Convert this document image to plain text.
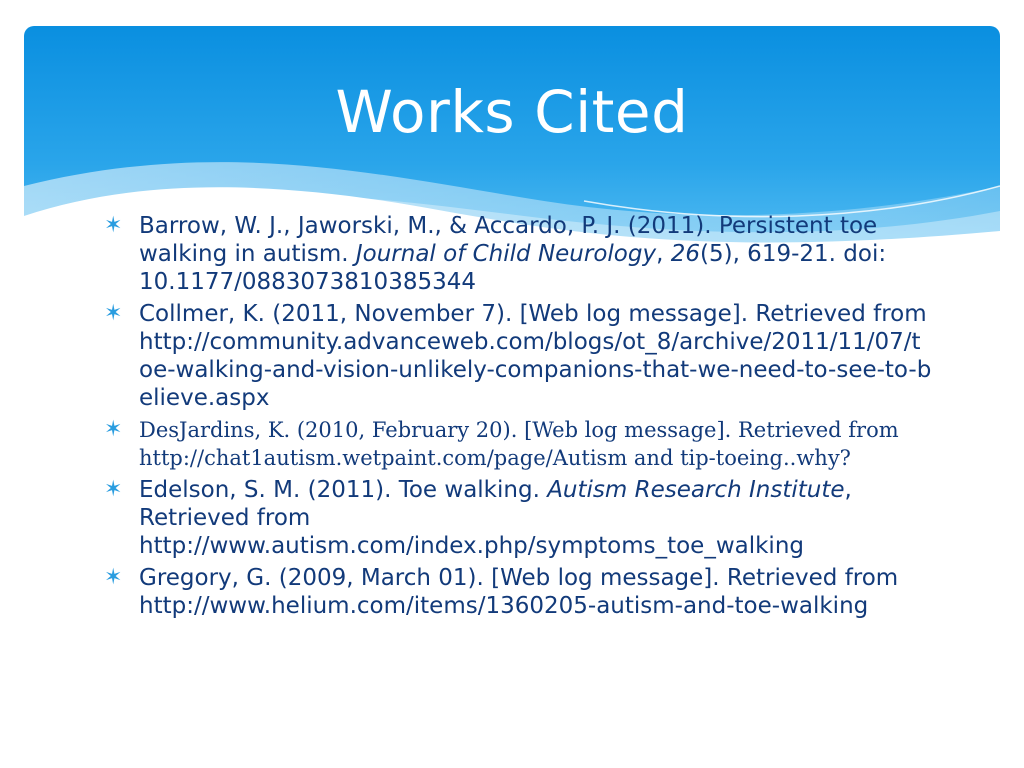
Works Cited
✶ Barrow, W. J., Jaworski, M., & Accardo, P. J. (2011). Persistent toe walking in autism. Journal of Child Neurology, 26(5), 619-21. doi: 10.1177/0883073810385344
✶ Collmer, K. (2011, November 7). [Web log message]. Retrieved from http://community.advanceweb.com/blogs/ot_8/archive/2011/11/07/toe-walking-and-vision-unlikely-companions-that-we-need-to-see-to-believe.aspx
✶ DesJardins, K. (2010, February 20). [Web log message]. Retrieved from http://chat1autism.wetpaint.com/page/Autism and tip-toeing..why?
✶ Edelson, S. M. (2011). Toe walking. Autism Research Institute, Retrieved from http://www.autism.com/index.php/symptoms_toe_walking
✶ Gregory, G. (2009, March 01). [Web log message]. Retrieved from http://www.helium.com/items/1360205-autism-and-toe-walking
